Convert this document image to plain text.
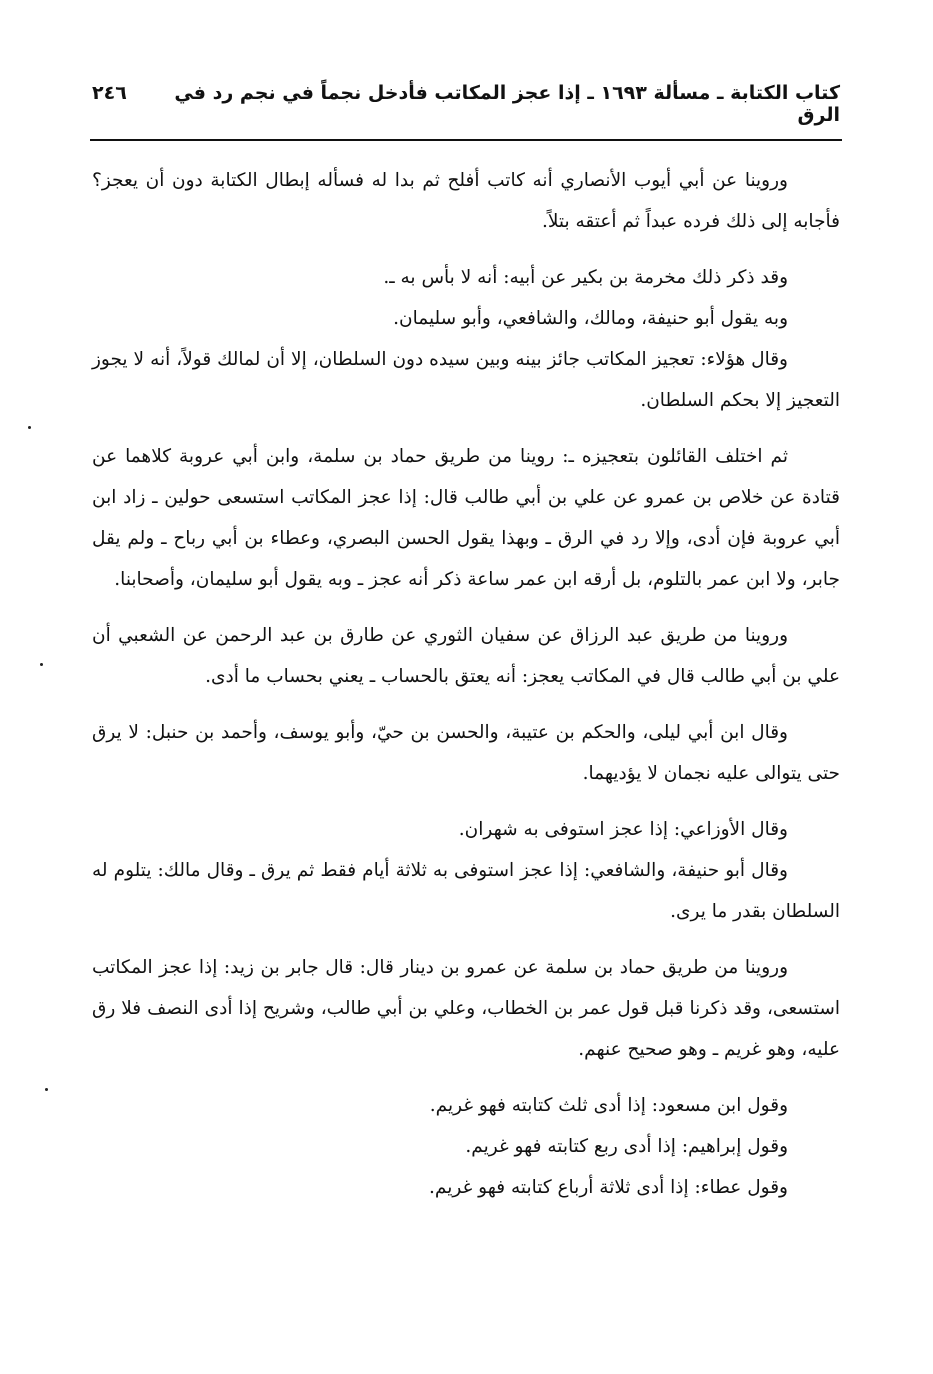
كتاب الكتابة ـ مسألة ١٦٩٣ ـ إذا عجز المكاتب فأدخل نجماً في نجم رد في الرق
٢٤٦

وروينا عن أبي أيوب الأنصاري أنه كاتب أفلح ثم بدا له فسأله إبطال الكتابة دون أن يعجز؟ فأجابه إلى ذلك فرده عبداً ثم أعتقه بتلاً.

وقد ذكر ذلك مخرمة بن بكير عن أبيه: أنه لا بأس به ـ.

وبه يقول أبو حنيفة، ومالك، والشافعي، وأبو سليمان.

وقال هؤلاء: تعجيز المكاتب جائز بينه وبين سيده دون السلطان، إلا أن لمالك قولاً، أنه لا يجوز التعجيز إلا بحكم السلطان.

ثم اختلف القائلون بتعجيزه ـ: روينا من طريق حماد بن سلمة، وابن أبي عروبة كلاهما عن قتادة عن خلاص بن عمرو عن علي بن أبي طالب قال: إذا عجز المكاتب استسعى حولين ـ زاد ابن أبي عروبة فإن أدى، وإلا رد في الرق ـ وبهذا يقول الحسن البصري، وعطاء بن أبي رباح ـ ولم يقل جابر، ولا ابن عمر بالتلوم، بل أرقه ابن عمر ساعة ذكر أنه عجز ـ وبه يقول أبو سليمان، وأصحابنا.

وروينا من طريق عبد الرزاق عن سفيان الثوري عن طارق بن عبد الرحمن عن الشعبي أن علي بن أبي طالب قال في المكاتب يعجز: أنه يعتق بالحساب ـ يعني بحساب ما أدى.

وقال ابن أبي ليلى، والحكم بن عتيبة، والحسن بن حيّ، وأبو يوسف، وأحمد بن حنبل: لا يرق حتى يتوالى عليه نجمان لا يؤديهما.

وقال الأوزاعي: إذا عجز استوفى به شهران.

وقال أبو حنيفة، والشافعي: إذا عجز استوفى به ثلاثة أيام فقط ثم يرق ـ وقال مالك: يتلوم له السلطان بقدر ما يرى.

وروينا من طريق حماد بن سلمة عن عمرو بن دينار قال: قال جابر بن زيد: إذا عجز المكاتب استسعى، وقد ذكرنا قبل قول عمر بن الخطاب، وعلي بن أبي طالب، وشريح إذا أدى النصف فلا رق عليه، وهو غريم ـ وهو صحيح عنهم.

وقول ابن مسعود: إذا أدى ثلث كتابته فهو غريم.

وقول إبراهيم: إذا أدى ربع كتابته فهو غريم.

وقول عطاء: إذا أدى ثلاثة أرباع كتابته فهو غريم.
